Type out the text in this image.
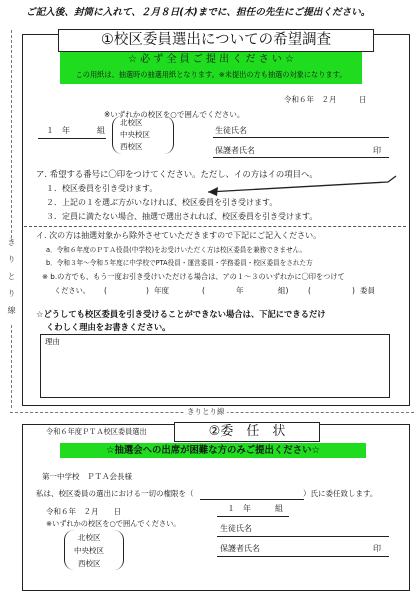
ご記入後、封筒に入れて、２月８日(木)までに、担任の先生にご提出ください。
①校区委員選出についての希望調査
☆ 必 ず 全 員 ご 提 出 く だ さ い ☆
この用紙は、抽選時の抽選用紙となります。※未提出の方も抽選の対象になります。
令和６年　２月　　　日
※いずれかの校区を○で囲んでください。
１　年	組
北校区
中央校区
西校区
生徒氏名
保護者氏名	印
ア. 希望する番号に〇印をつけてください。ただし、イの方はイの項目へ。
１．校区委員を引き受けます。
２．上記の１を選ぶ方がいなければ、校区委員を引き受けます。
３．定員に満たない場合、抽選で選出されれば、校区委員を引き受けます。
イ. 次の方は抽選対象から除外させていただきますので下記にご記入ください。
a．令和６年度のＰＴＡ役員(中学校)をお受けいただく方は校区委員を兼務できません。
b．令和３年～令和５年度に中学校でPTA役員・運営委員・学務委員・校区委員をされた方
※ b.の方でも、もう一度お引き受けいただける場合は、アの１～３のいずれかに〇印をつけて
ください。 (	) 年度	(	年	組)	(	) 委員
☆どうしても校区委員を引き受けることができない場合は、下記にできるだけ
くわしく理由をお書きください。
理由
きりとり線
きりとり線
令和６年度ＰＴＡ校区委員選出	②委　任　状
☆抽選会への出席が困難な方のみご提出ください☆
第一中学校　ＰＴＡ会長様
私は、校区委員の選出における一切の権限を（	）氏に委任致します。
令和６年　２月　　日	１　年	組
※いずれかの校区を○で囲んでください。
北校区
中央校区
西校区
生徒氏名
保護者氏名	印
